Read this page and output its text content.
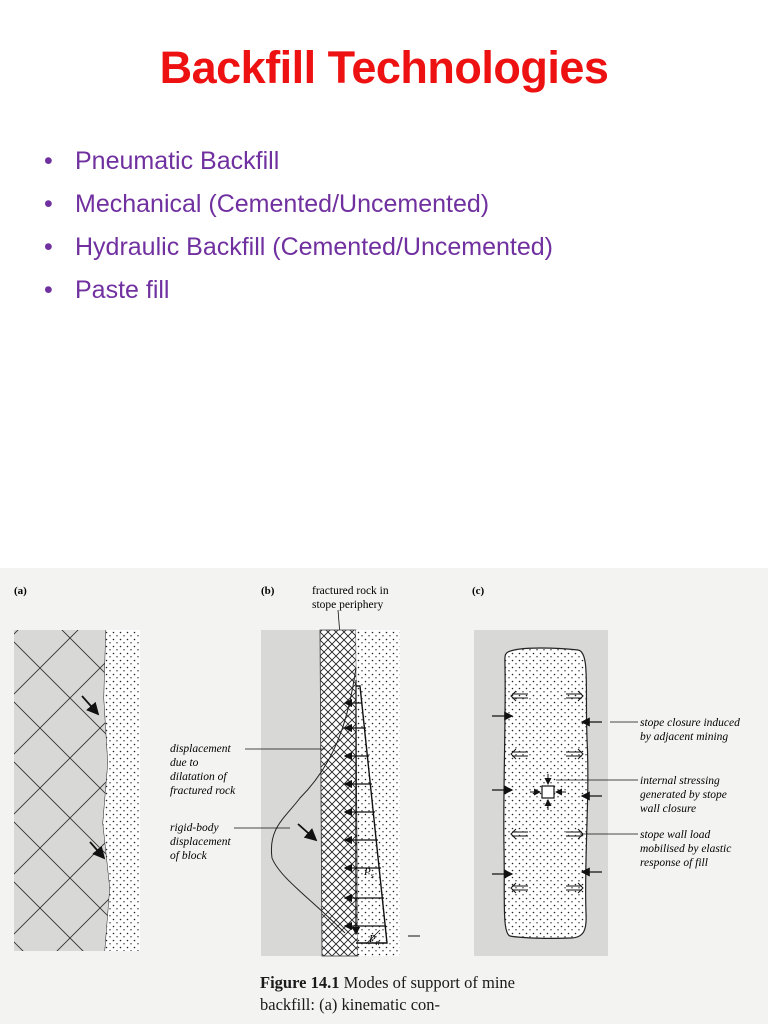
Backfill Technologies
• Pneumatic Backfill
• Mechanical (Cemented/Uncemented)
• Hydraulic Backfill (Cemented/Uncemented)
• Paste fill
(a)	(b)	fractured rock in
stope periphery
$P_s$
$P_n$
displacement
due to
dilatation of
fractured rock
rigid-body
displacement
of block
(c)
stope closure induced
by adjacent mining
internal stressing
generated by stope
wall closure
stope wall load
mobilised by elastic
response of fill
Figure 14.1 Modes of support of mine backfill: (a) kinematic con-
